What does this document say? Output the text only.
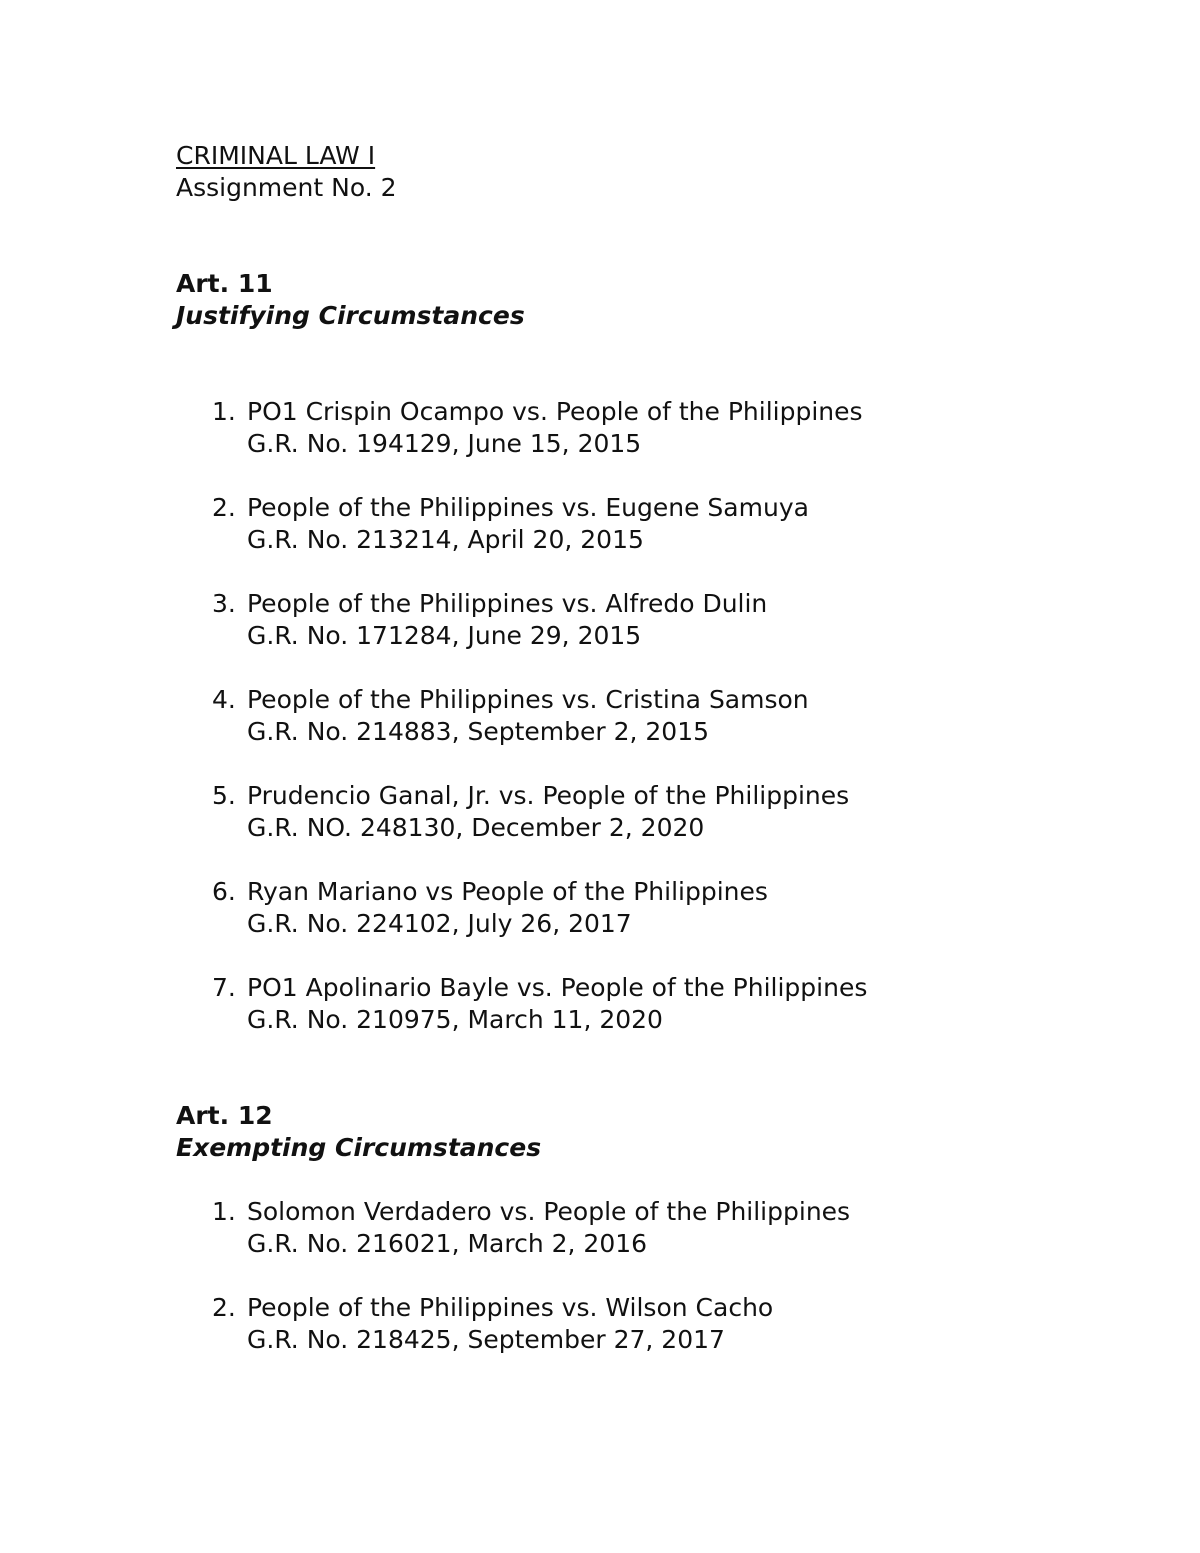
CRIMINAL LAW I
Assignment No. 2
Art. 11
Justifying Circumstances
1. PO1 Crispin Ocampo vs. People of the Philippines
G.R. No. 194129, June 15, 2015
2. People of the Philippines vs. Eugene Samuya
G.R. No. 213214, April 20, 2015
3. People of the Philippines vs. Alfredo Dulin
G.R. No. 171284, June 29, 2015
4. People of the Philippines vs. Cristina Samson
G.R. No. 214883, September 2, 2015
5. Prudencio Ganal, Jr. vs. People of the Philippines
G.R. NO. 248130, December 2, 2020
6. Ryan Mariano vs People of the Philippines
G.R. No. 224102, July 26, 2017
7. PO1 Apolinario Bayle vs. People of the Philippines
G.R. No. 210975, March 11, 2020
Art. 12
Exempting Circumstances
1. Solomon Verdadero vs. People of the Philippines
G.R. No. 216021, March 2, 2016
2. People of the Philippines vs. Wilson Cacho
G.R. No. 218425, September 27, 2017
